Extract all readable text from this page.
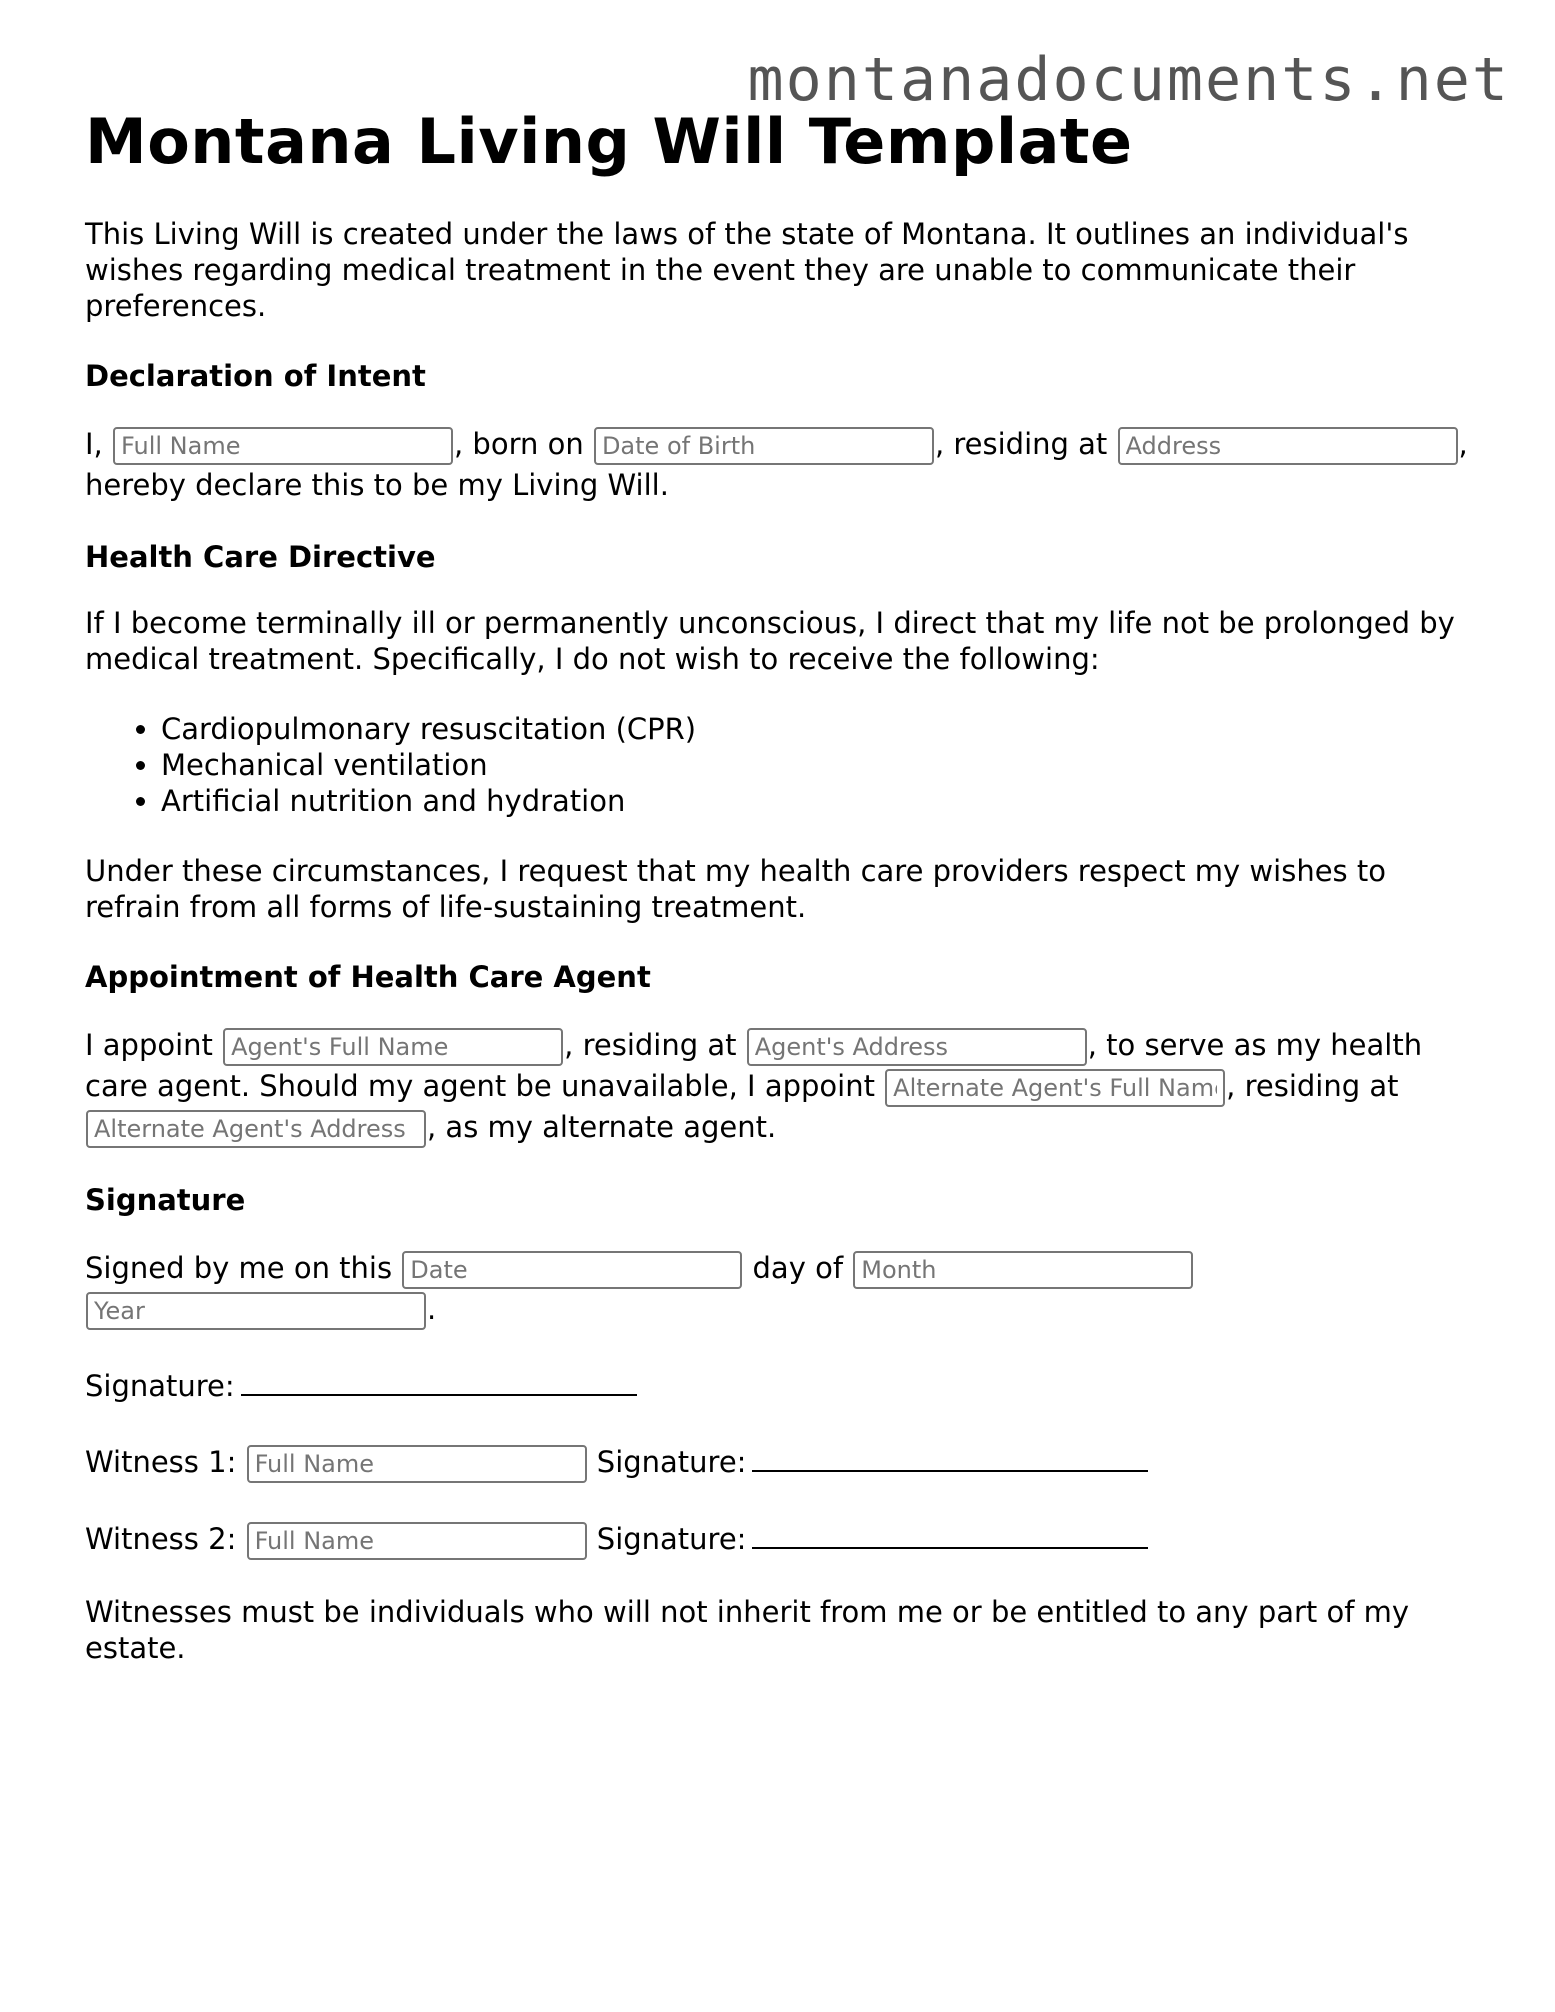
montanadocuments.net
Montana Living Will Template

This Living Will is created under the laws of the state of Montana. It outlines an individual's wishes regarding medical treatment in the event they are unable to communicate their preferences.

Declaration of Intent

I, Full Name	, born on Date of Birth	, residing at Address	, hereby declare this to be my Living Will.

Health Care Directive

If I become terminally ill or permanently unconscious, I direct that my life not be prolonged by medical treatment. Specifically, I do not wish to receive the following:

• Cardiopulmonary resuscitation (CPR)
• Mechanical ventilation
• Artificial nutrition and hydration

Under these circumstances, I request that my health care providers respect my wishes to refrain from all forms of life-sustaining treatment.

Appointment of Health Care Agent

I appoint Agent's Full Name	, residing at Agent's Address	, to serve as my health care agent. Should my agent be unavailable, I appoint Alternate Agent's Full Name	, residing at Alternate Agent's Address, as my alternate agent.

Signature

Signed by me on this Date	day of Month Year.

Signature:

Witness 1: Full Name	Signature:

Witness 2: Full Name	Signature:

Witnesses must be individuals who will not inherit from me or be entitled to any part of my estate.
